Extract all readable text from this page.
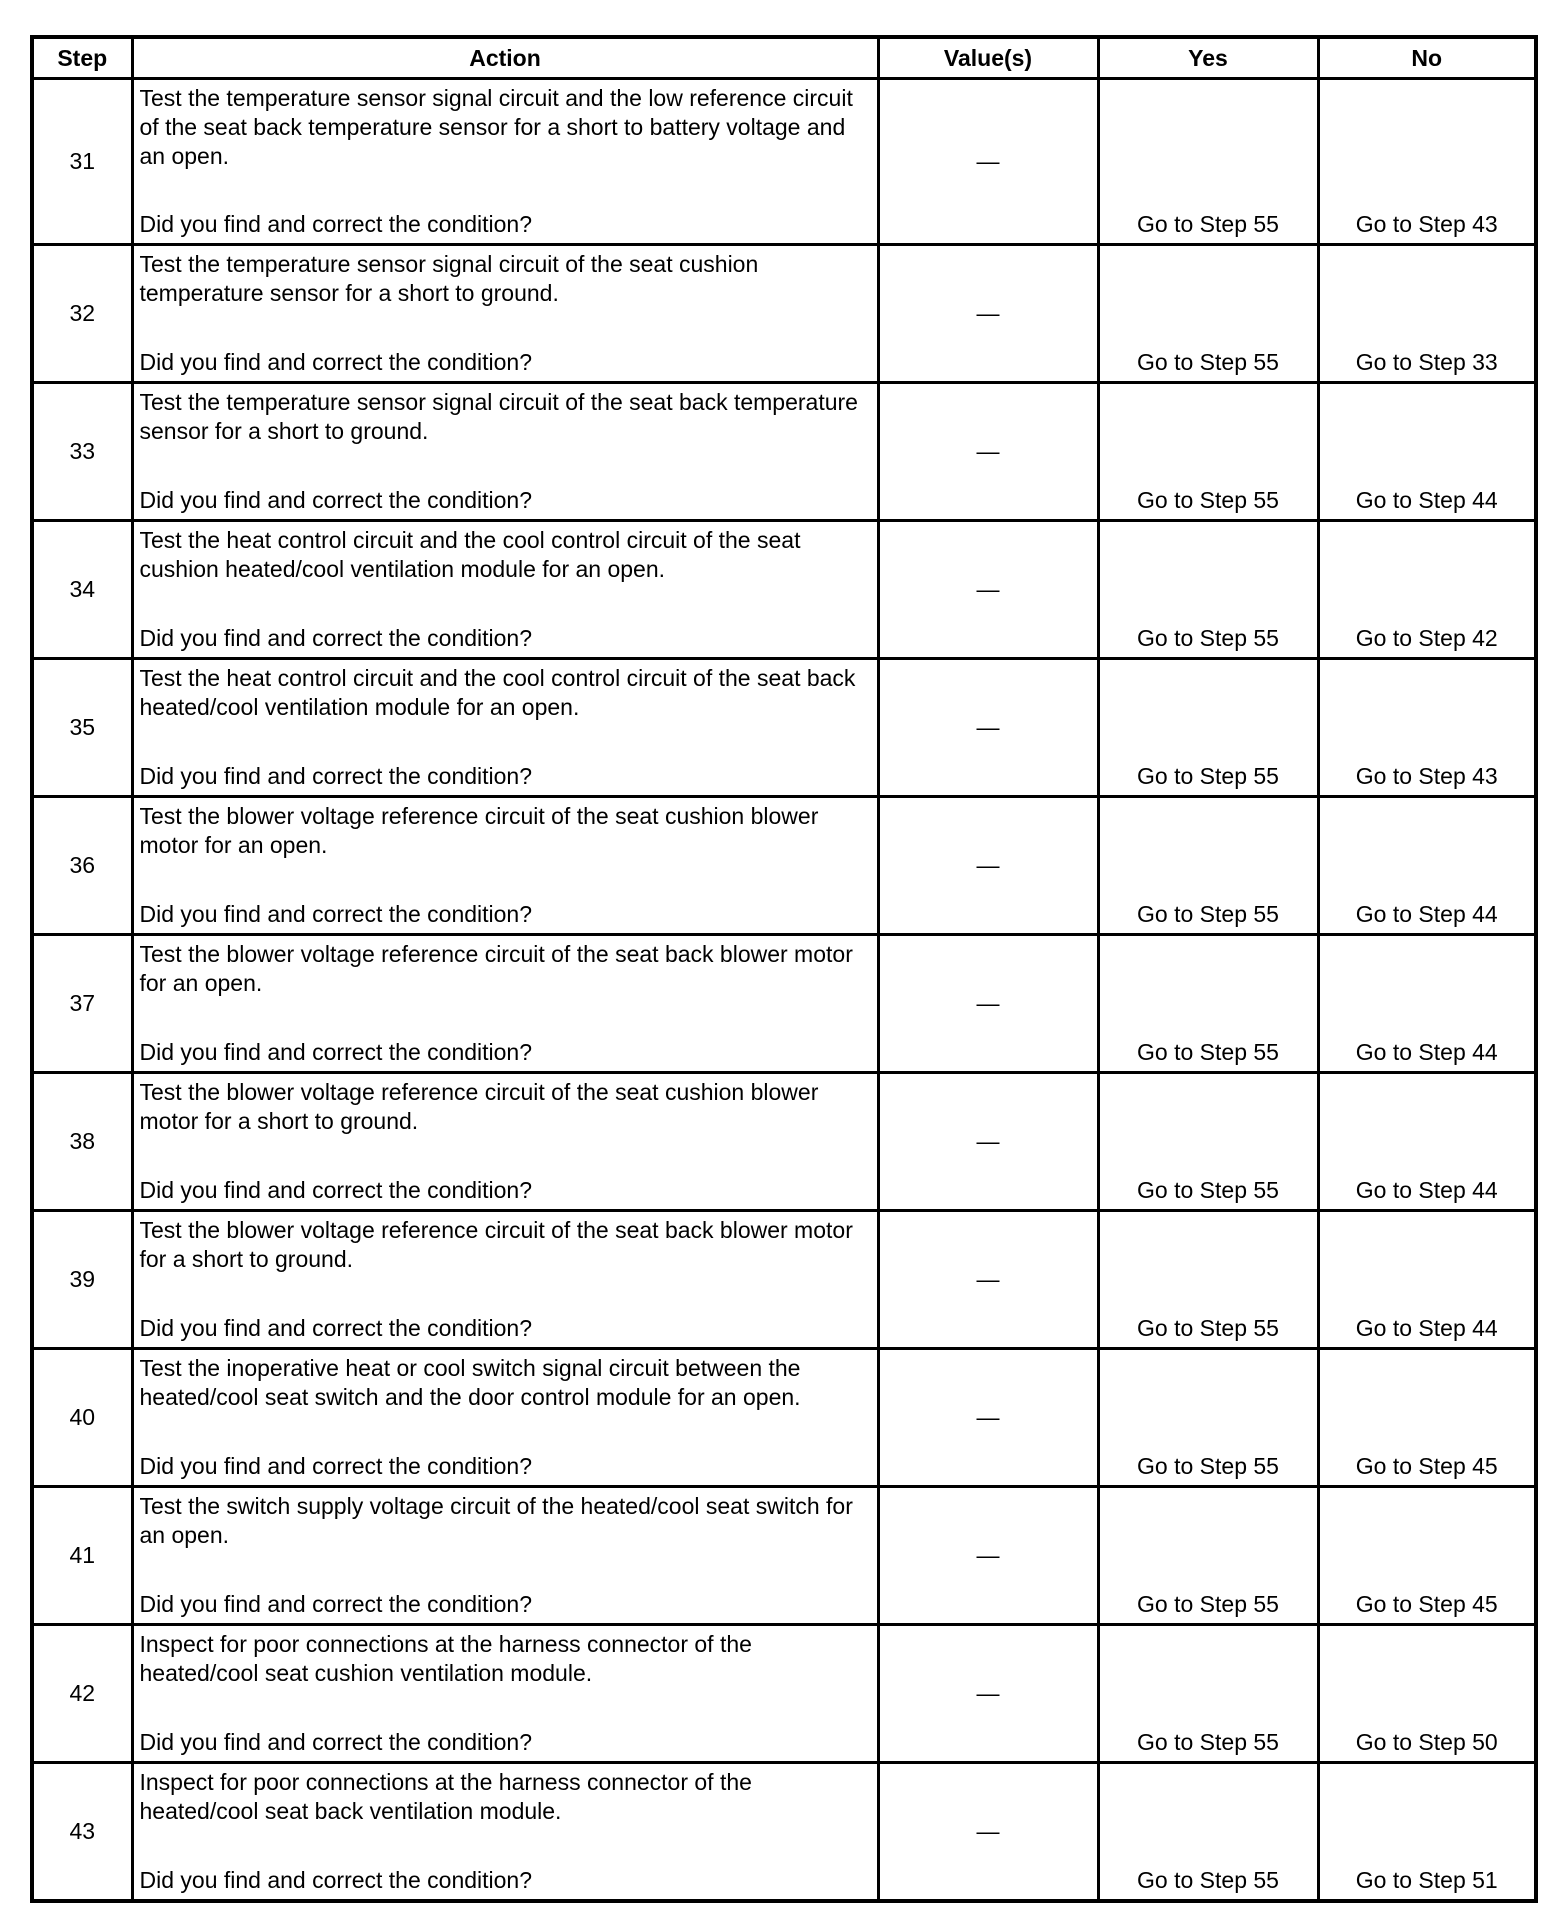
Step	Action	Value(s)	Yes	No
31	Test the temperature sensor signal circuit and the low reference circuit of the seat back temperature sensor for a short to battery voltage and an open.
Did you find and correct the condition?	—	Go to Step 55	Go to Step 43

32	Test the temperature sensor signal circuit of the seat cushion temperature sensor for a short to ground.
Did you find and correct the condition?	—	Go to Step 55	Go to Step 33

33	Test the temperature sensor signal circuit of the seat back temperature sensor for a short to ground.
Did you find and correct the condition?	—	Go to Step 55	Go to Step 44

34	Test the heat control circuit and the cool control circuit of the seat cushion heated/cool ventilation module for an open.
Did you find and correct the condition?	—	Go to Step 55	Go to Step 42

35	Test the heat control circuit and the cool control circuit of the seat back heated/cool ventilation module for an open.
Did you find and correct the condition?	—	Go to Step 55	Go to Step 43

36	Test the blower voltage reference circuit of the seat cushion blower motor for an open.
Did you find and correct the condition?	—	Go to Step 55	Go to Step 44

37	Test the blower voltage reference circuit of the seat back blower motor for an open.
Did you find and correct the condition?	—	Go to Step 55	Go to Step 44

38	Test the blower voltage reference circuit of the seat cushion blower motor for a short to ground.
Did you find and correct the condition?	—	Go to Step 55	Go to Step 44

39	Test the blower voltage reference circuit of the seat back blower motor for a short to ground.
Did you find and correct the condition?	—	Go to Step 55	Go to Step 44

40	Test the inoperative heat or cool switch signal circuit between the heated/cool seat switch and the door control module for an open.
Did you find and correct the condition?	—	Go to Step 55	Go to Step 45

41	Test the switch supply voltage circuit of the heated/cool seat switch for an open.
Did you find and correct the condition?	—	Go to Step 55	Go to Step 45

42	Inspect for poor connections at the harness connector of the heated/cool seat cushion ventilation module.
Did you find and correct the condition?	—	Go to Step 55	Go to Step 50

43	Inspect for poor connections at the harness connector of the heated/cool seat back ventilation module.
Did you find and correct the condition?	—	Go to Step 55	Go to Step 51
